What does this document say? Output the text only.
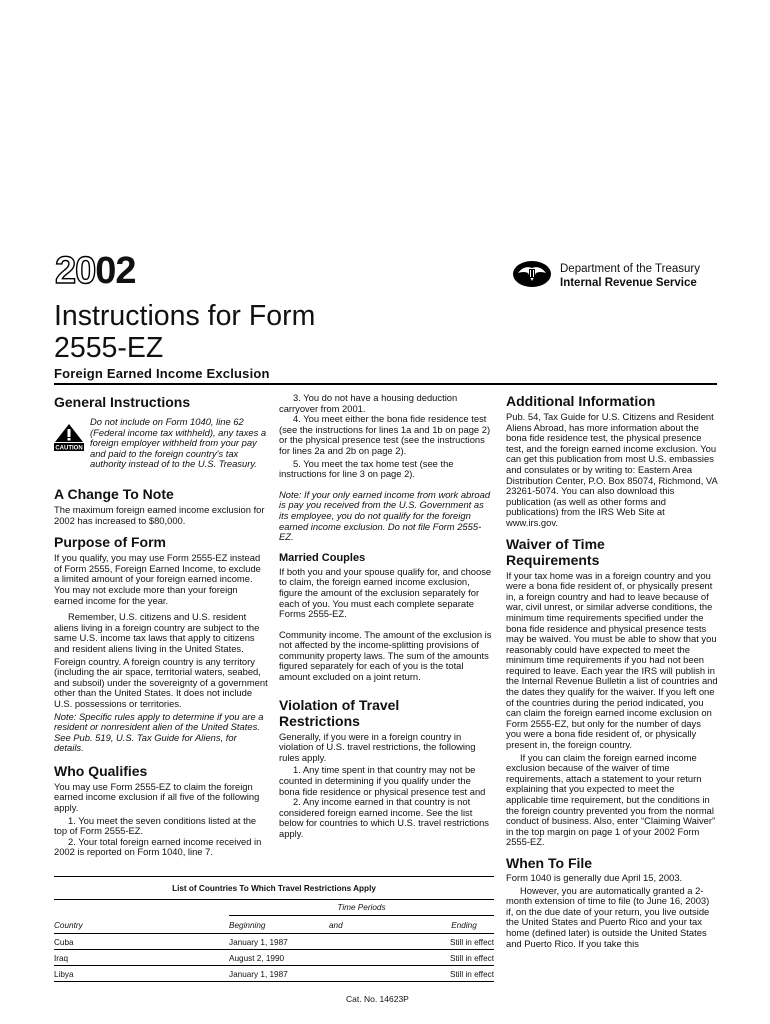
2002	Department of the Treasury
Internal Revenue Service
Instructions for Form
2555-EZ
Foreign Earned Income Exclusion

General Instructions

CAUTION

Do not include on Form 1040, line 62 (Federal income tax withheld), any taxes a foreign employer withheld from your pay and paid to the foreign country's tax authority instead of to the U.S. Treasury.

A Change To Note

The maximum foreign earned income exclusion for 2002 has increased to $80,000.

Purpose of Form

If you qualify, you may use Form 2555-EZ instead of Form 2555, Foreign Earned Income, to exclude a limited amount of your foreign earned income. You may not exclude more than your foreign earned income for the year.

Remember, U.S. citizens and U.S. resident aliens living in a foreign country are subject to the same U.S. income tax laws that apply to citizens and resident aliens living in the United States.

Foreign country. A foreign country is any territory (including the air space, territorial waters, seabed, and subsoil) under the sovereignty of a government other than the United States. It does not include U.S. possessions or territories.

Note: Specific rules apply to determine if you are a resident or nonresident alien of the United States. See Pub. 519, U.S. Tax Guide for Aliens, for details.

Who Qualifies

You may use Form 2555-EZ to claim the foreign earned income exclusion if all five of the following apply.

1. You meet the seven conditions listed at the top of Form 2555-EZ.

2. Your total foreign earned income received in 2002 is reported on Form 1040, line 7.

3. You do not have a housing deduction carryover from 2001.

4. You meet either the bona fide residence test (see the instructions for lines 1a and 1b on page 2) or the physical presence test (see the instructions for lines 2a and 2b on page 2).

5. You meet the tax home test (see the instructions for line 3 on page 2).

Note: If your only earned income from work abroad is pay you received from the U.S. Government as its employee, you do not qualify for the foreign earned income exclusion. Do not file Form 2555-EZ.

Married Couples

If both you and your spouse qualify for, and choose to claim, the foreign earned income exclusion, figure the amount of the exclusion separately for each of you. You must each complete separate Forms 2555-EZ.

Community income. The amount of the exclusion is not affected by the income-splitting provisions of community property laws. The sum of the amounts figured separately for each of you is the total amount excluded on a joint return.

Violation of Travel Restrictions

Generally, if you were in a foreign country in violation of U.S. travel restrictions, the following rules apply.

1. Any time spent in that country may not be counted in determining if you qualify under the bona fide residence or physical presence test and

2. Any income earned in that country is not considered foreign earned income. See the list below for countries to which U.S. travel restrictions apply.

Additional Information

Pub. 54, Tax Guide for U.S. Citizens and Resident Aliens Abroad, has more information about the bona fide residence test, the physical presence test, and the foreign earned income exclusion. You can get this publication from most U.S. embassies and consulates or by writing to: Eastern Area Distribution Center, P.O. Box 85074, Richmond, VA 23261-5074. You can also download this publication (as well as other forms and publications) from the IRS Web Site at www.irs.gov.

Waiver of Time Requirements

If your tax home was in a foreign country and you were a bona fide resident of, or physically present in, a foreign country and had to leave because of war, civil unrest, or similar adverse conditions, the minimum time requirements specified under the bona fide residence and physical presence tests may be waived. You must be able to show that you reasonably could have expected to meet the minimum time requirements if you had not been required to leave. Each year the IRS will publish in the Internal Revenue Bulletin a list of countries and the dates they qualify for the waiver. If you left one of the countries during the period indicated, you can claim the foreign earned income exclusion on Form 2555-EZ, but only for the number of days you were a bona fide resident of, or physically present in, the foreign country.

If you can claim the foreign earned income exclusion because of the waiver of time requirements, attach a statement to your return explaining that you expected to meet the applicable time requirement, but the conditions in the foreign country prevented you from the normal conduct of business. Also, enter “Claiming Waiver” in the top margin on page 1 of your 2002 Form 2555-EZ.

When To File

Form 1040 is generally due April 15, 2003.

However, you are automatically granted a 2-month extension of time to file (to June 16, 2003) if, on the due date of your return, you live outside the United States and Puerto Rico and your tax home (defined later) is outside the United States and Puerto Rico. If you take this

List of Countries To Which Travel Restrictions Apply
Time Periods
Country	Beginning	and	Ending
Cuba	January 1, 1987	Still in effect
Iraq	August 2, 1990	Still in effect
Libya	January 1, 1987	Still in effect
Cat. No. 14623P
